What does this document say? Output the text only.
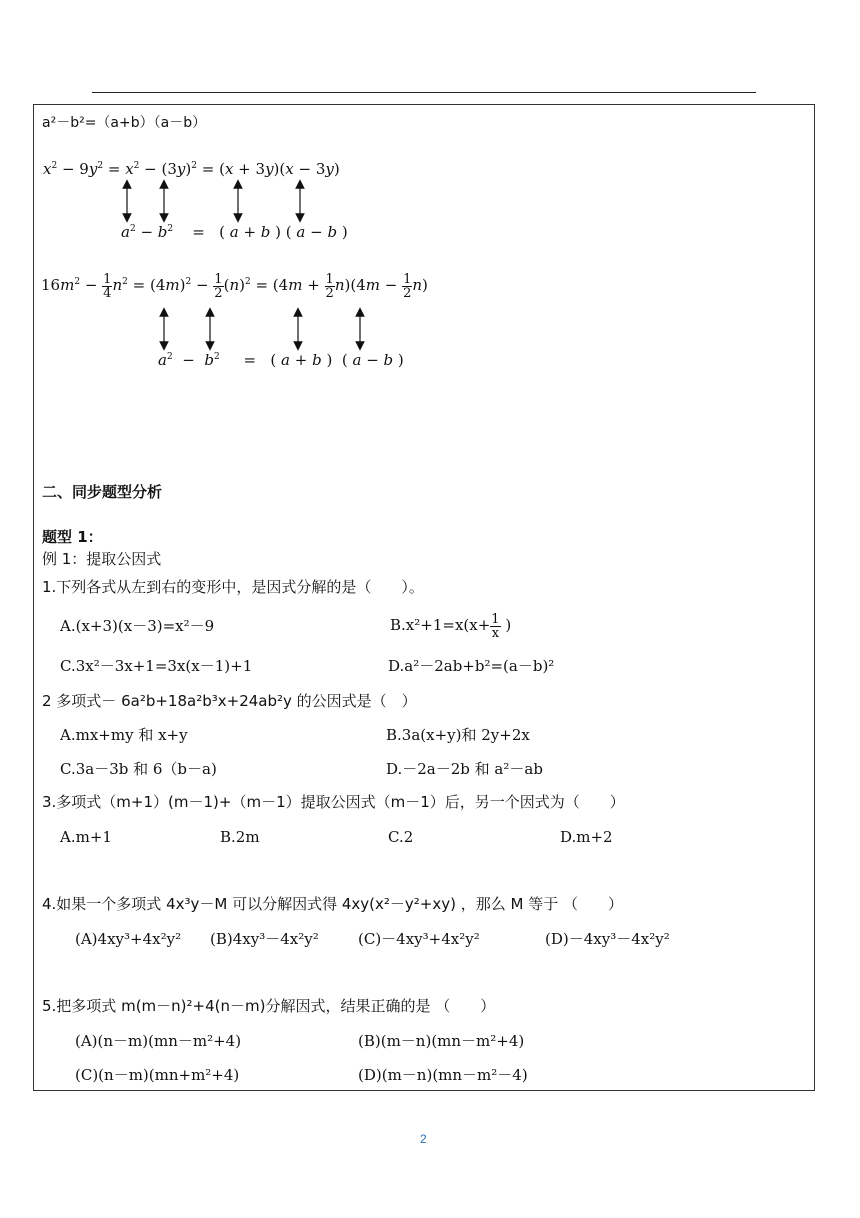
a²－b²=（a+b）（a－b）
$x^2 - 9y^2 = x^2 - (3y)^2 = (x + 3y)(x - 3y)$
$a^2 - b^2$    =   ( a + b ) ( a − b )
$16m^2 - \frac{1}{4} n^2 = (4m)^2 - \frac{1}{2} (n)^2 = (4m + \frac{1}{2} n)(4m - \frac{1}{2} n)$
$a^2 - b^2$     =   ( a + b )  ( a − b )
二、同步题型分析
题型 1：
例 1：提取公因式
1.下列各式从左到右的变形中，是因式分解的是（　　）。
A.(x+3)(x－3)=x²－9	$B.x^2+1=x(x+ \frac{1}{x}$ )
C.3x²－3x+1=3x(x－1)+1	D.a²－2ab+b²=(a－b)²
2 多项式－ 6a²b+18a²b³x+24ab²y 的公因式是（　）
A.mx+my 和 x+y	B.3a(x+y)和 2y+2x
C.3a－3b 和 6（b－a)	D.－2a－2b 和 a²－ab
3.多项式（m+1）(m－1)+（m－1）提取公因式（m－1）后，另一个因式为（　　）
A.m+1	B.2m	C.2	D.m+2
4.如果一个多项式 4x³y－M 可以分解因式得 4xy(x²－y²+xy) ，那么 M 等于 （　　）
(A)4xy³+4x²y² (B)4xy³－4x²y²	(C)－4xy³+4x²y²	(D)－4xy³－4x²y²
5.把多项式 m(m－n)²+4(n－m)分解因式，结果正确的是 （　　）
(A)(n－m)(mn－m²+4)	(B)(m－n)(mn－m²+4)
(C)(n－m)(mn+m²+4)	(D)(m－n)(mn－m²－4)
2
